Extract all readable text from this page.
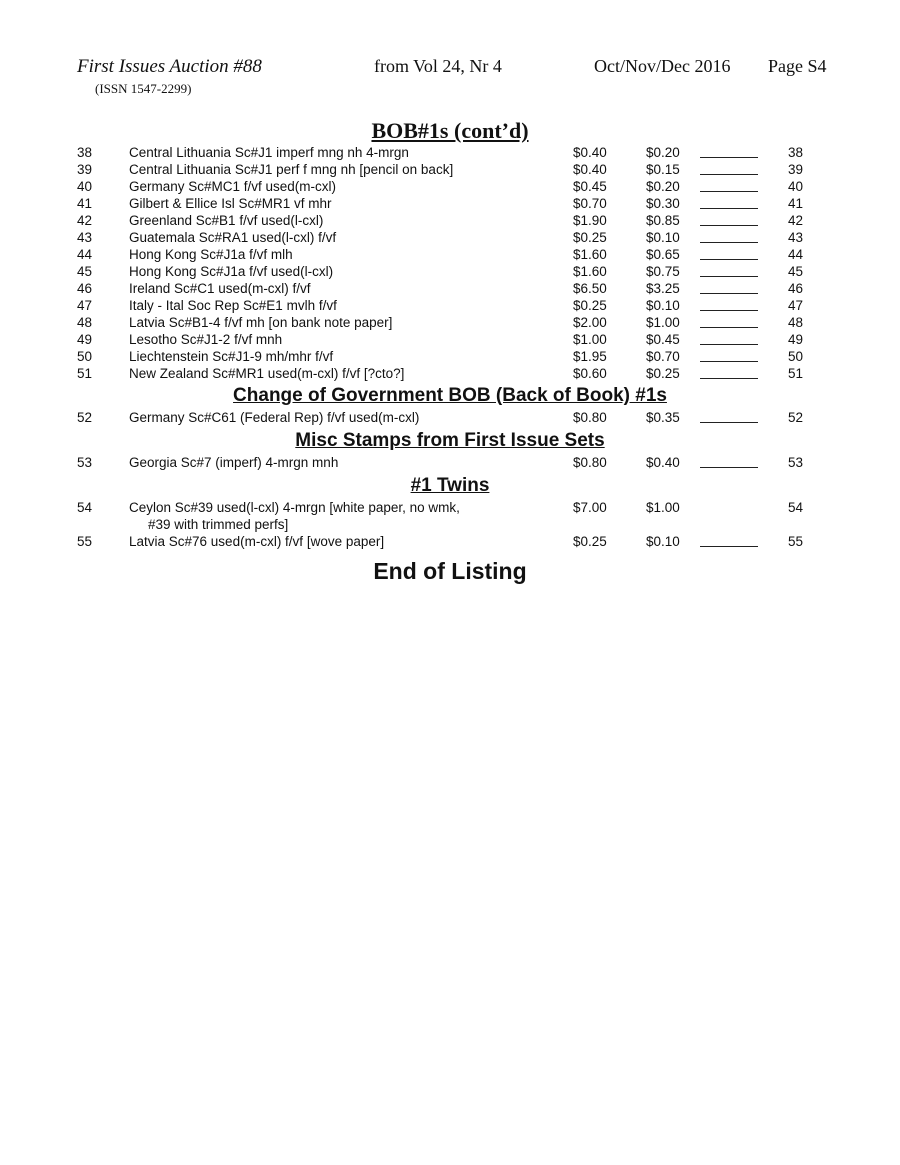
First Issues Auction #88	from Vol 24, Nr 4	Oct/Nov/Dec 2016 Page S4
(ISSN 1547-2299)
BOB#1s (cont’d)
38	Central Lithuania Sc#J1 imperf mng nh 4-mrgn	$0.40	$0.20	38
39	Central Lithuania Sc#J1 perf f mng nh [pencil on back]	$0.40	$0.15	39
40	Germany Sc#MC1 f/vf used(m-cxl)	$0.45	$0.20	40
41	Gilbert & Ellice Isl Sc#MR1 vf mhr	$0.70	$0.30	41
42	Greenland Sc#B1 f/vf used(l-cxl)	$1.90	$0.85	42
43	Guatemala Sc#RA1 used(l-cxl) f/vf	$0.25	$0.10	43
44	Hong Kong Sc#J1a f/vf mlh	$1.60	$0.65	44
45	Hong Kong Sc#J1a f/vf used(l-cxl)	$1.60	$0.75	45
46	Ireland Sc#C1 used(m-cxl) f/vf	$6.50	$3.25	46
47	Italy - Ital Soc Rep Sc#E1 mvlh f/vf	$0.25	$0.10	47
48	Latvia Sc#B1-4 f/vf mh [on bank note paper]	$2.00	$1.00	48
49	Lesotho Sc#J1-2 f/vf mnh	$1.00	$0.45	49
50	Liechtenstein Sc#J1-9 mh/mhr f/vf	$1.95	$0.70	50
51	New Zealand Sc#MR1 used(m-cxl) f/vf [?cto?]	$0.60	$0.25	51
Change of Government BOB (Back of Book) #1s
52	Germany Sc#C61 (Federal Rep) f/vf used(m-cxl)	$0.80	$0.35	52
Misc Stamps from First Issue Sets
53	Georgia Sc#7 (imperf) 4-mrgn mnh	$0.80	$0.40	53
#1 Twins
54	Ceylon Sc#39 used(l-cxl) 4-mrgn [white paper, no wmk,
#39 with trimmed perfs]
$7.00	$1.00	54
55	Latvia Sc#76 used(m-cxl) f/vf [wove paper]	$0.25	$0.10	55
End of Listing
